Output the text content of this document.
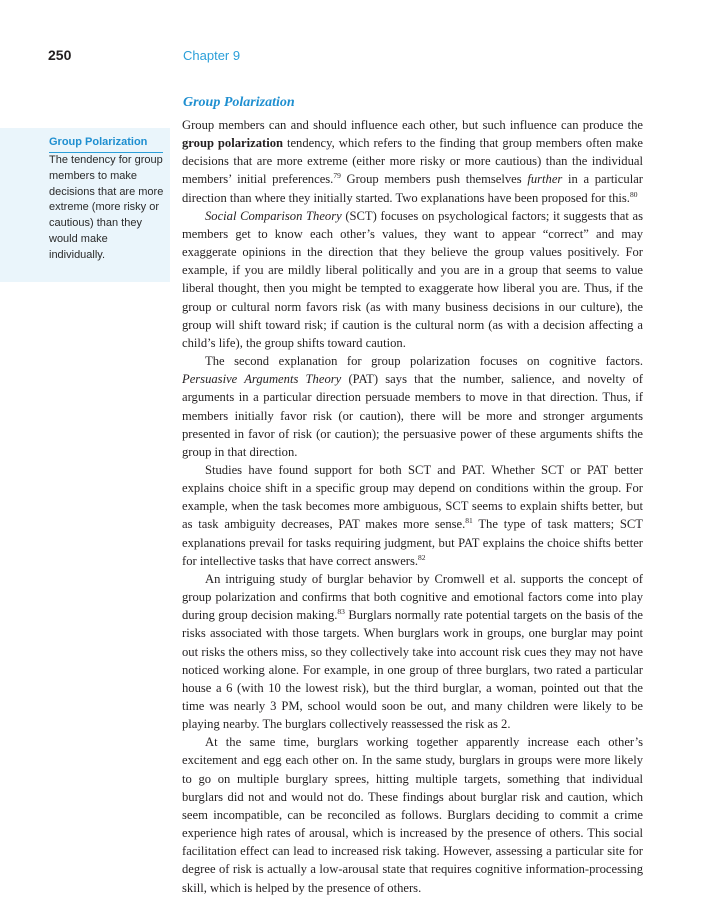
250	Chapter 9
Group Polarization
The tendency for group members to make decisions that are more extreme (more risky or cautious) than they would make individually.
Group Polarization

Group members can and should influence each other, but such influence can produce the group polarization tendency, which refers to the finding that group members often make decisions that are more extreme (either more risky or more cautious) than the individual members’ initial preferences.$^{79}$ Group members push themselves further in a particular direction than where they initially started. Two explanations have been proposed for this.$^{80}$

Social Comparison Theory (SCT) focuses on psychological factors; it suggests that as members get to know each other’s values, they want to appear “correct” and may exaggerate opinions in the direction that they believe the group values positively. For example, if you are mildly liberal politically and you are in a group that seems to value liberal thought, then you might be tempted to exaggerate how liberal you are. Thus, if the group or cultural norm favors risk (as with many business decisions in our culture), the group will shift toward risk; if caution is the cultural norm (as with a decision affecting a child’s life), the group shifts toward caution.

The second explanation for group polarization focuses on cognitive factors. Persuasive Arguments Theory (PAT) says that the number, salience, and novelty of arguments in a particular direction persuade members to move in that direction. Thus, if members initially favor risk (or caution), there will be more and stronger arguments presented in favor of risk (or caution); the persuasive power of these arguments shifts the group in that direction.

Studies have found support for both SCT and PAT. Whether SCT or PAT better explains choice shift in a specific group may depend on conditions within the group. For example, when the task becomes more ambiguous, SCT seems to explain shifts better, but as task ambiguity decreases, PAT makes more sense.$^{81}$ The type of task matters; SCT explanations prevail for tasks requiring judgment, but PAT explains the choice shifts better for intellective tasks that have correct answers.$^{82}$

An intriguing study of burglar behavior by Cromwell et al. supports the concept of group polarization and confirms that both cognitive and emotional factors come into play during group decision making.$^{83}$ Burglars normally rate potential targets on the basis of the risks associated with those targets. When burglars work in groups, one burglar may point out risks the others miss, so they collectively take into account risk cues they may not have noticed working alone. For example, in one group of three burglars, two rated a particular house a 6 (with 10 the lowest risk), but the third burglar, a woman, pointed out that the time was nearly 3 PM, school would soon be out, and many children were likely to be playing nearby. The burglars collectively reassessed the risk as 2.

At the same time, burglars working together apparently increase each other’s excitement and egg each other on. In the same study, burglars in groups were more likely to go on multiple burglary sprees, hitting multiple targets, something that individual burglars did not and would not do. These findings about burglar risk and caution, which seem incompatible, can be reconciled as follows. Burglars deciding to commit a crime experience high rates of arousal, which is increased by the presence of others. This social facilitation effect can lead to increased risk taking. However, assessing a particular site for degree of risk is actually a low-arousal state that requires cognitive information-processing skill, which is helped by the presence of others.
